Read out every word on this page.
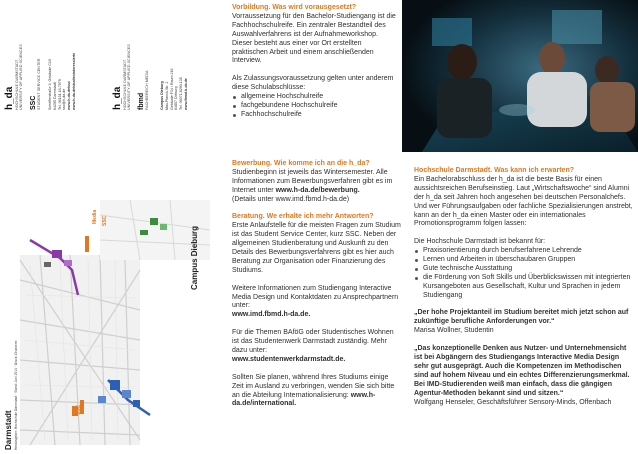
h_da HOCHSCHULE DARMSTADT UNIVERSITY OF APPLIED SCIENCES SSC STUDENT SERVICE CENTER Schöfferstraße 3, Gebäude C10 64295 Darmstadt Tel. 06151.16-7979 ssc@h-da.de www.h-da.de/ssc www.h-da.de/studieninteressierte	h_da HOCHSCHULE DARMSTADT UNIVERSITY OF APPLIED SCIENCES fbmd FACHBEREICH MEDIA	Campus Dieburg Max-Planck-Str. 2 Gebäude F14 / Raum 216 64807 Dieburg Tel. 06071.8290-135 www.fbmd.h-da.de
Campus Dieburg
Darmstadt Herausgeber: Hochschule Darmstadt · Stand: Juni 2014 · Druck: Druckerei
Media SSC
SSC
Vorbildung. Was wird vorausgesetzt?

Vorraussetzung für den Bachelor-Studiengang ist die Fachhochschulreife. Ein zentraler Bestandteil des Auswahlverfahrens ist der Aufnahmeworkshop. Dieser besteht aus einer vor Ort erstellten praktischen Arbeit und einem anschließenden Interview.

Als Zulassungsvoraussetzung gelten unter anderem diese Schulabschlüsse:

allgemeine Hochschulreife
fachgebundene Hochschulreife
Fachhochschulreife
Bewerbung. Wie komme ich an die h_da?

Studienbeginn ist jeweils das Wintersemester. Alle Informationen zum Bewerbungsverfahren gibt es im Internet unter www.h-da.de/bewerbung.
(Details unter www.imd.fbmd.h-da.de)

Beratung. We erhalte ich mehr Antworten?

Erste Anlaufstelle für die meisten Fragen zum Studium ist das Student Service Center, kurz SSC. Neben der allgemeinen Studienberatung und Auskunft zu den Details des Bewerbungsverfahrens gibt es hier auch Beratung zur Organisation oder Finanzierung des Studiums.

Weitere Informationen zum Studiengang Interactive Media Design und Kontaktdaten zu Ansprechpartnern unter:
www.imd.fbmd.h-da.de.

Für die Themen BAföG oder Studentisches Wohnen ist das Studentenwerk Darmstadt zuständig. Mehr dazu unter:
www.studentenwerkdarmstadt.de.

Sollten Sie planen, während Ihres Studiums einige Zeit im Ausland zu verbringen, wenden Sie sich bitte an die Abteilung Internationalisierung: www.h-da.de/international.

Hochschule Darmstadt. Was kann ich erwarten?

Ein Bachelorabschluss der h_da ist die beste Basis für einen aussichtsreichen Berufseinstieg. Laut „Wirtschaftswoche“ sind Alumni der h_da seit Jahren hoch angesehen bei deutschen Personalchefs. Und wer Führungsaufgaben oder fachliche Spezialisierungen anstrebt, kann an der h_da einen Master oder ein internationales Promotionsprogramm folgen lassen:

Die Hochschule Darmstadt ist bekannt für:

Praxisorientierung durch berufserfahrene Lehrende
Lernen und Arbeiten in überschaubaren Gruppen
Gute technische Ausstattung
die Förderung von Soft Skills und Überblickswissen mit integrierten Kursangeboten aus Gesellschaft, Kultur und Sprachen in jedem Studiengang

„Der hohe Projektanteil im Studium bereitet mich jetzt schon auf zukünftige berufliche Anforderungen vor.“
Marisa Wollner, Studentin

„Das konzeptionelle Denken aus Nutzer- und Unternehmensicht ist bei Abgängern des Studiengangs Interactive Media Design sehr gut ausgeprägt. Auch die Kompetenzen im Methodischen sind auf hohem Niveau und ein echtes Differenzierungsmerkmal. Bei IMD-Studierenden weiß man einfach, dass die gängigen Agentur-Methoden bekannt sind und sitzen.“
Wolfgang Henseler, Geschäftsführer Sensory-Minds, Offenbach
